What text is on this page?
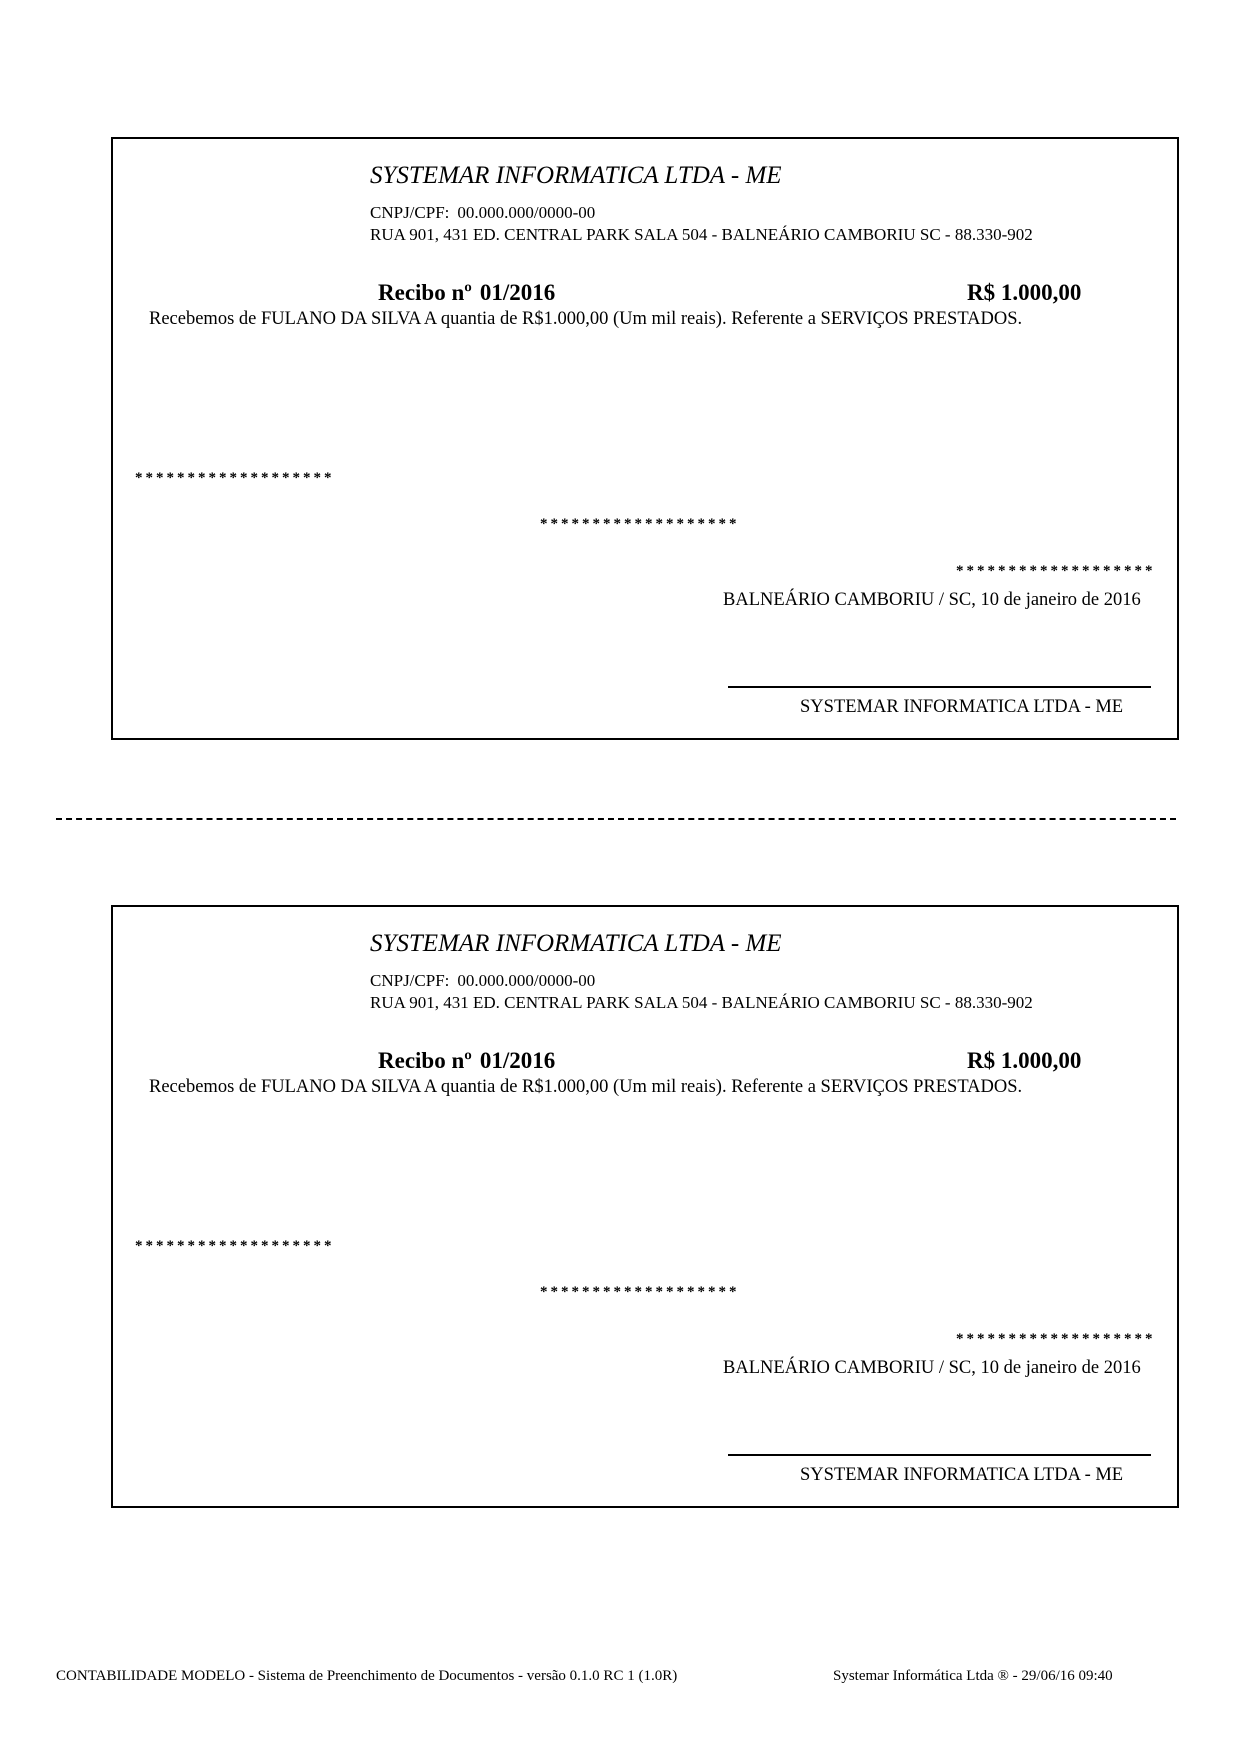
SYSTEMAR INFORMATICA LTDA - ME
CNPJ/CPF: 00.000.000/0000-00
RUA 901, 431 ED. CENTRAL PARK SALA 504 - BALNEÁRIO CAMBORIU SC - 88.330-902
Recibo nº 01/2016	R$ 1.000,00
Recebemos de FULANO DA SILVA A quantia de R$1.000,00 (Um mil reais). Referente a SERVIÇOS PRESTADOS.
*******************
*******************
*******************
BALNEÁRIO CAMBORIU / SC, 10 de janeiro de 2016
SYSTEMAR INFORMATICA LTDA - ME
SYSTEMAR INFORMATICA LTDA - ME
CNPJ/CPF: 00.000.000/0000-00
RUA 901, 431 ED. CENTRAL PARK SALA 504 - BALNEÁRIO CAMBORIU SC - 88.330-902
Recibo nº 01/2016	R$ 1.000,00
Recebemos de FULANO DA SILVA A quantia de R$1.000,00 (Um mil reais). Referente a SERVIÇOS PRESTADOS.
*******************
*******************
*******************
BALNEÁRIO CAMBORIU / SC, 10 de janeiro de 2016
SYSTEMAR INFORMATICA LTDA - ME
CONTABILIDADE MODELO - Sistema de Preenchimento de Documentos - versão 0.1.0 RC 1 (1.0R)	Systemar Informática Ltda ® - 29/06/16 09:40
